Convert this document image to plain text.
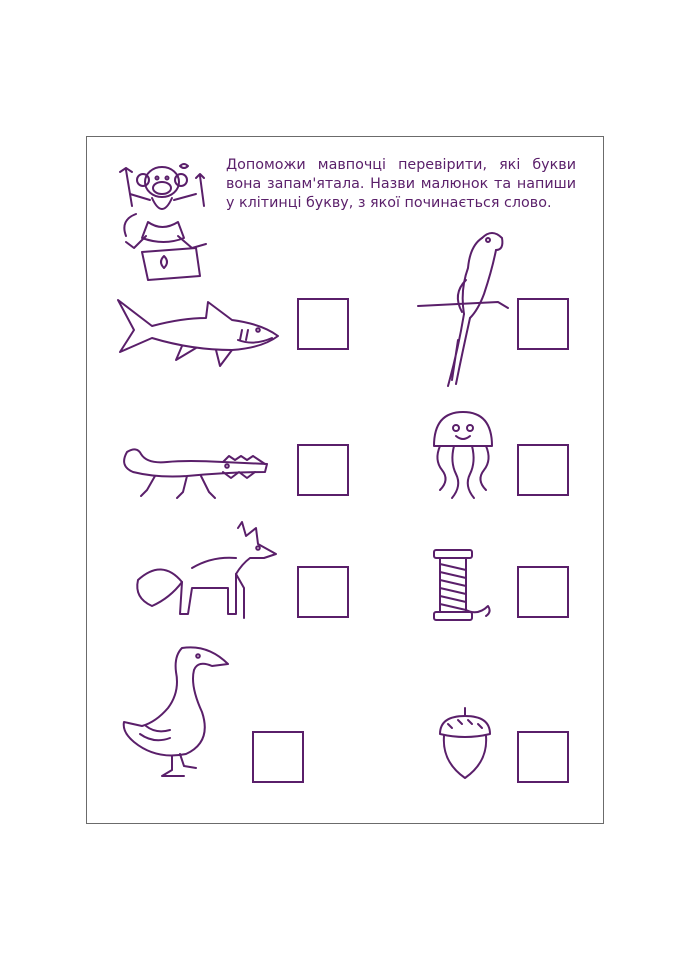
Допоможи мавпочці перевірити, які букви вона запам'ятала. Назви малюнок та напиши у клітинці букву, з якої починається слово.
